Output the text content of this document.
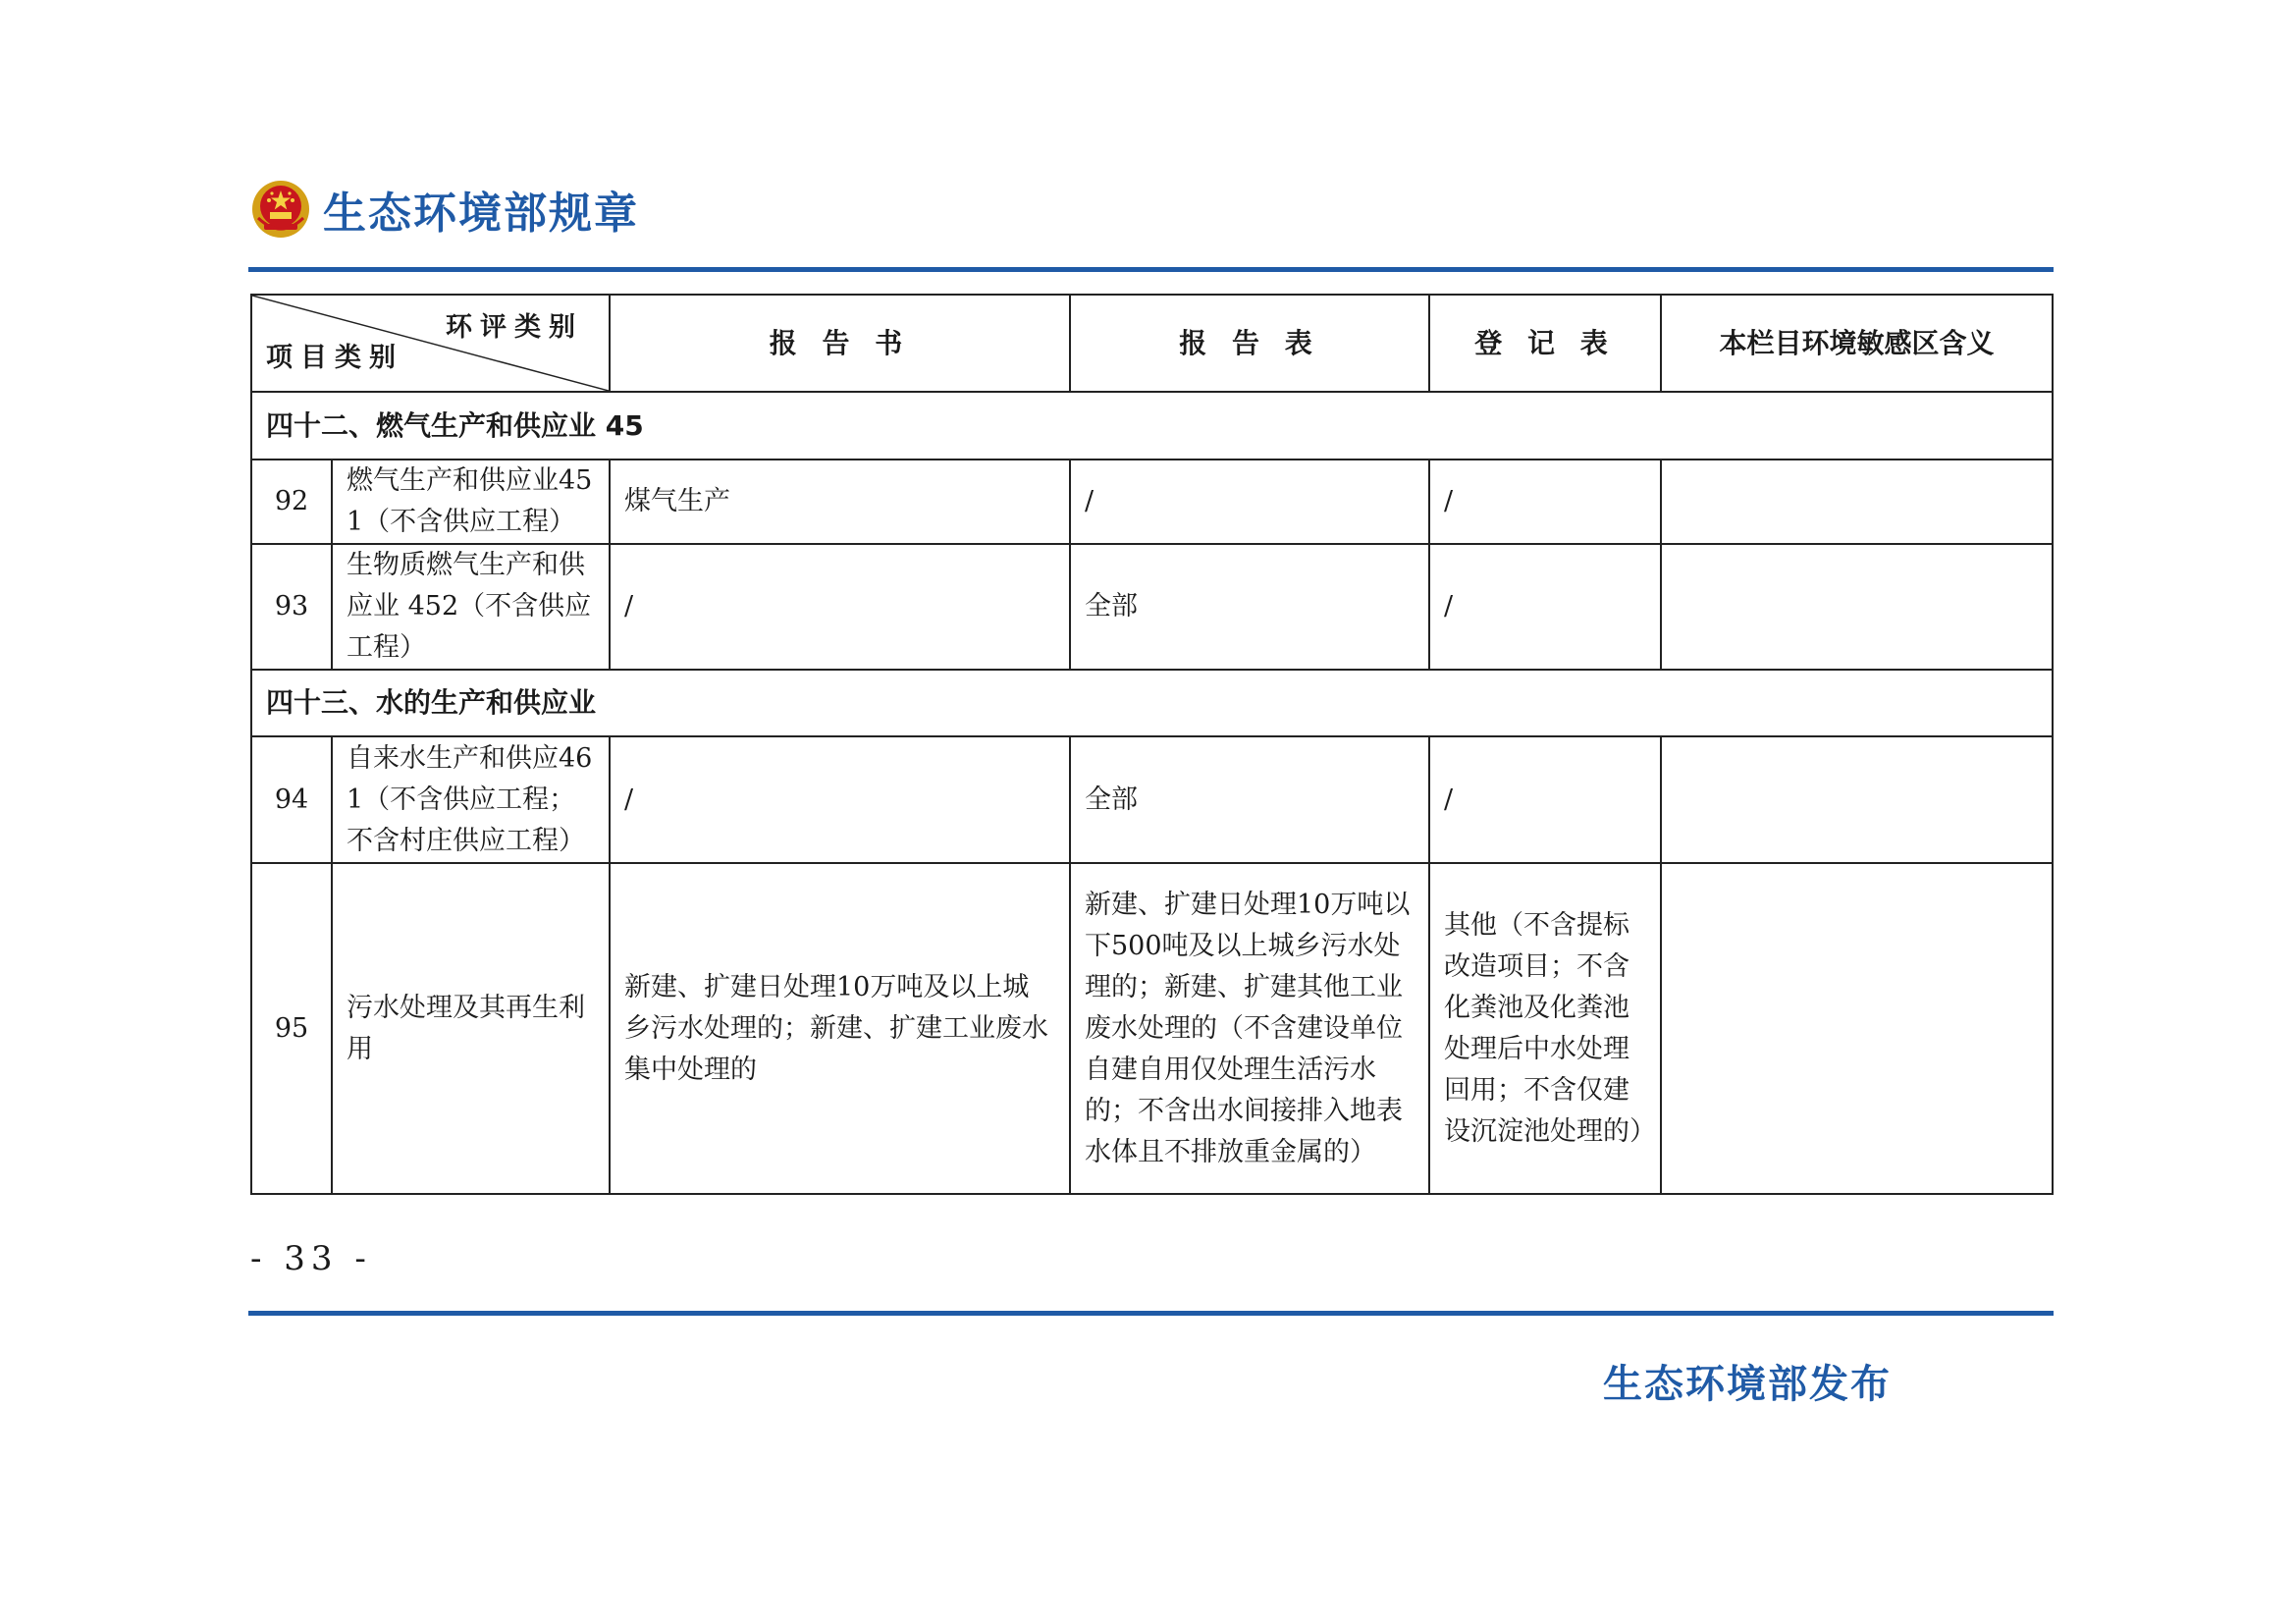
生态环境部规章
环评类别
项目类别		报 告 书	报 告 表	登 记 表	本栏目环境敏感区含义
四十二、燃气生产和供应业 45					
92	燃气生产和供应业451（不含供应工程）	煤气生产	/	/	
93	生物质燃气生产和供应业 452（不含供应工程）	/	全部	/	
四十三、水的生产和供应业					
94	自来水生产和供应461（不含供应工程；不含村庄供应工程）	/	全部	/	
95	污水处理及其再生利用	新建、扩建日处理10万吨及以上城乡污水处理的；新建、扩建工业废水集中处理的	新建、扩建日处理10万吨以下500吨及以上城乡污水处理的；新建、扩建其他工业废水处理的（不含建设单位自建自用仅处理生活污水的；不含出水间接排入地表水体且不排放重金属的）	其他（不含提标改造项目；不含化粪池及化粪池处理后中水处理回用；不含仅建设沉淀池处理的）	
- 33 -
生态环境部发布
